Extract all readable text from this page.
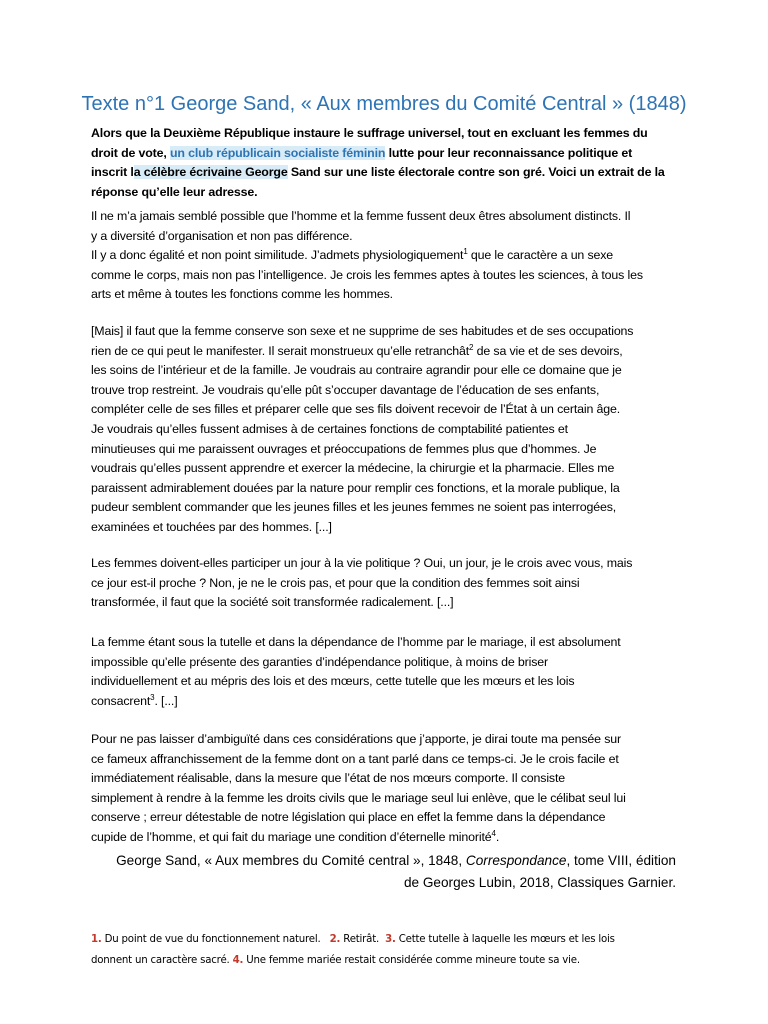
Texte n°1 George Sand, « Aux membres du Comité Central » (1848)
Alors que la Deuxième République instaure le suffrage universel, tout en excluant les femmes du
droit de vote, un club républicain socialiste féminin lutte pour leur reconnaissance politique et
inscrit la célèbre écrivaine George Sand sur une liste électorale contre son gré. Voici un extrait de la
réponse qu’elle leur adresse.
Il ne m’a jamais semblé possible que l’homme et la femme fussent deux êtres absolument distincts. Il
y a diversité d’organisation et non pas différence.
Il y a donc égalité et non point similitude. J’admets physiologiquement$^1$ que le caractère a un sexe
comme le corps, mais non pas l’intelligence. Je crois les femmes aptes à toutes les sciences, à tous les
arts et même à toutes les fonctions comme les hommes.
[Mais] il faut que la femme conserve son sexe et ne supprime de ses habitudes et de ses occupations
rien de ce qui peut le manifester. Il serait monstrueux qu’elle retranchât$^2$ de sa vie et de ses devoirs,
les soins de l’intérieur et de la famille. Je voudrais au contraire agrandir pour elle ce domaine que je
trouve trop restreint. Je voudrais qu’elle pût s’occuper davantage de l’éducation de ses enfants,
compléter celle de ses filles et préparer celle que ses fils doivent recevoir de l’État à un certain âge.
Je voudrais qu’elles fussent admises à de certaines fonctions de comptabilité patientes et
minutieuses qui me paraissent ouvrages et préoccupations de femmes plus que d’hommes. Je
voudrais qu’elles pussent apprendre et exercer la médecine, la chirurgie et la pharmacie. Elles me
paraissent admirablement douées par la nature pour remplir ces fonctions, et la morale publique, la
pudeur semblent commander que les jeunes filles et les jeunes femmes ne soient pas interrogées,
examinées et touchées par des hommes. [...]
Les femmes doivent-elles participer un jour à la vie politique ? Oui, un jour, je le crois avec vous, mais
ce jour est-il proche ? Non, je ne le crois pas, et pour que la condition des femmes soit ainsi
transformée, il faut que la société soit transformée radicalement. [...]
La femme étant sous la tutelle et dans la dépendance de l’homme par le mariage, il est absolument
impossible qu’elle présente des garanties d’indépendance politique, à moins de briser
individuellement et au mépris des lois et des mœurs, cette tutelle que les mœurs et les lois
consacrent$^3$. [...]
Pour ne pas laisser d’ambiguïté dans ces considérations que j’apporte, je dirai toute ma pensée sur
ce fameux affranchissement de la femme dont on a tant parlé dans ce temps-ci. Je le crois facile et
immédiatement réalisable, dans la mesure que l’état de nos mœurs comporte. Il consiste
simplement à rendre à la femme les droits civils que le mariage seul lui enlève, que le célibat seul lui
conserve ; erreur détestable de notre législation qui place en effet la femme dans la dépendance
cupide de l’homme, et qui fait du mariage une condition d’éternelle minorité$^4$.
George Sand, « Aux membres du Comité central », 1848, Correspondance, tome VIII, édition
de Georges Lubin, 2018, Classiques Garnier.
1. Du point de vue du fonctionnement naturel. 2. Retirât. 3. Cette tutelle à laquelle les mœurs et les lois
donnent un caractère sacré. 4. Une femme mariée restait considérée comme mineure toute sa vie.
